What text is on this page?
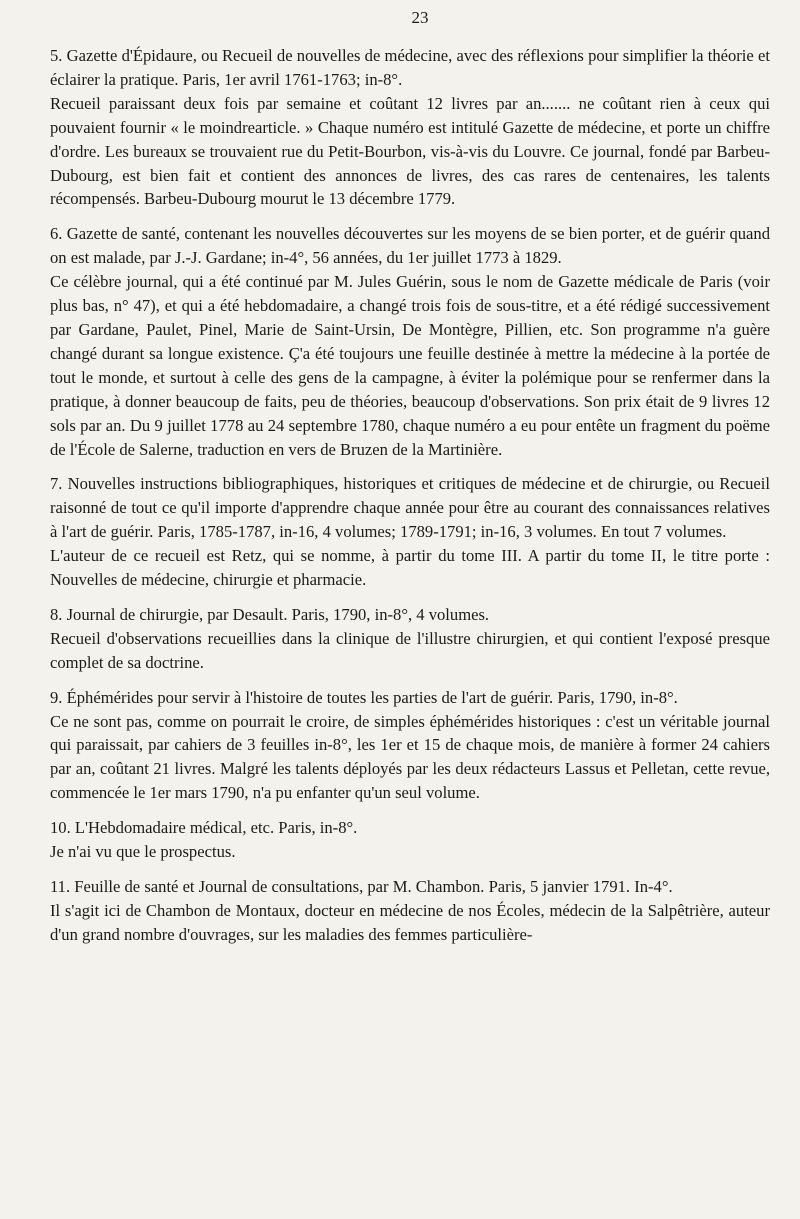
23

5. Gazette d'Épidaure, ou Recueil de nouvelles de médecine, avec des réflexions pour simplifier la théorie et éclairer la pratique. Paris, 1er avril 1761-1763; in-8°.

Recueil paraissant deux fois par semaine et coûtant 12 livres par an....... ne coûtant rien à ceux qui pouvaient fournir « le moindrearticle. » Chaque numéro est intitulé Gazette de médecine, et porte un chiffre d'ordre. Les bureaux se trouvaient rue du Petit-Bourbon, vis-à-vis du Louvre. Ce journal, fondé par Barbeu-Dubourg, est bien fait et contient des annonces de livres, des cas rares de centenaires, les talents récompensés. Barbeu-Dubourg mourut le 13 décembre 1779.

6. Gazette de santé, contenant les nouvelles découvertes sur les moyens de se bien porter, et de guérir quand on est malade, par J.-J. Gardane; in-4°, 56 années, du 1er juillet 1773 à 1829.

Ce célèbre journal, qui a été continué par M. Jules Guérin, sous le nom de Gazette médicale de Paris (voir plus bas, n° 47), et qui a été hebdomadaire, a changé trois fois de sous-titre, et a été rédigé successivement par Gardane, Paulet, Pinel, Marie de Saint-Ursin, De Montègre, Pillien, etc. Son programme n'a guère changé durant sa longue existence. Ç'a été toujours une feuille destinée à mettre la médecine à la portée de tout le monde, et surtout à celle des gens de la campagne, à éviter la polémique pour se renfermer dans la pratique, à donner beaucoup de faits, peu de théories, beaucoup d'observations. Son prix était de 9 livres 12 sols par an. Du 9 juillet 1778 au 24 septembre 1780, chaque numéro a eu pour entête un fragment du poëme de l'École de Salerne, traduction en vers de Bruzen de la Martinière.

7. Nouvelles instructions bibliographiques, historiques et critiques de médecine et de chirurgie, ou Recueil raisonné de tout ce qu'il importe d'apprendre chaque année pour être au courant des connaissances relatives à l'art de guérir. Paris, 1785-1787, in-16, 4 volumes; 1789-1791; in-16, 3 volumes. En tout 7 volumes.

L'auteur de ce recueil est Retz, qui se nomme, à partir du tome III. A partir du tome II, le titre porte : Nouvelles de médecine, chirurgie et pharmacie.

8. Journal de chirurgie, par Desault. Paris, 1790, in-8°, 4 volumes.

Recueil d'observations recueillies dans la clinique de l'illustre chirurgien, et qui contient l'exposé presque complet de sa doctrine.

9. Éphémérides pour servir à l'histoire de toutes les parties de l'art de guérir. Paris, 1790, in-8°.

Ce ne sont pas, comme on pourrait le croire, de simples éphémérides historiques : c'est un véritable journal qui paraissait, par cahiers de 3 feuilles in-8°, les 1er et 15 de chaque mois, de manière à former 24 cahiers par an, coûtant 21 livres. Malgré les talents déployés par les deux rédacteurs Lassus et Pelletan, cette revue, commencée le 1er mars 1790, n'a pu enfanter qu'un seul volume.

10. L'Hebdomadaire médical, etc. Paris, in-8°.

Je n'ai vu que le prospectus.

11. Feuille de santé et Journal de consultations, par M. Chambon. Paris, 5 janvier 1791. In-4°.

Il s'agit ici de Chambon de Montaux, docteur en médecine de nos Écoles, médecin de la Salpêtrière, auteur d'un grand nombre d'ouvrages, sur les maladies des femmes particulière-
